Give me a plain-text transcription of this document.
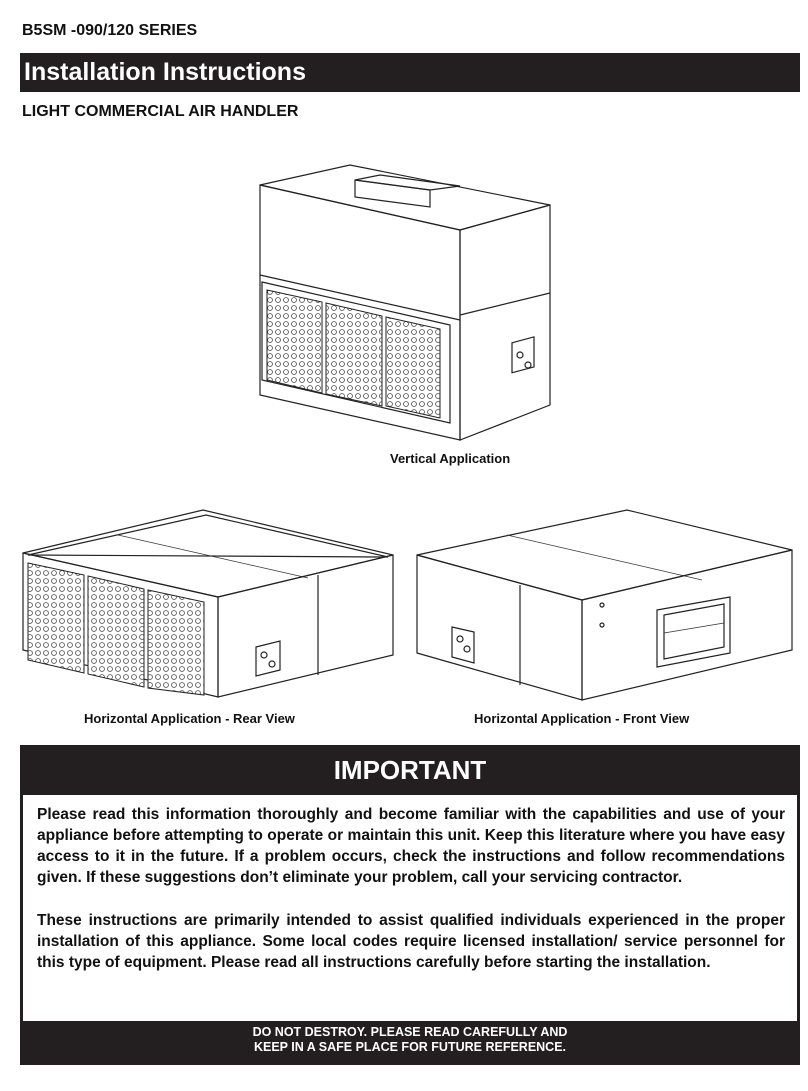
B5SM -090/120 SERIES
Installation Instructions
LIGHT COMMERCIAL AIR HANDLER
Vertical Application
Horizontal Application - Rear View	Horizontal Application - Front View
IMPORTANT

Please read this information thoroughly and become familiar with the capabilities and use of your appliance before attempting to operate or maintain this unit. Keep this literature where you have easy access to it in the future. If a problem occurs, check the instructions and follow recommendations given. If these suggestions don’t eliminate your problem, call your servicing contractor.

These instructions are primarily intended to assist qualified individuals experienced in the proper installation of this appliance. Some local codes require licensed installation/ service personnel for this type of equipment. Please read all instructions carefully before starting the installation.

DO NOT DESTROY. PLEASE READ CAREFULLY AND
KEEP IN A SAFE PLACE FOR FUTURE REFERENCE.
